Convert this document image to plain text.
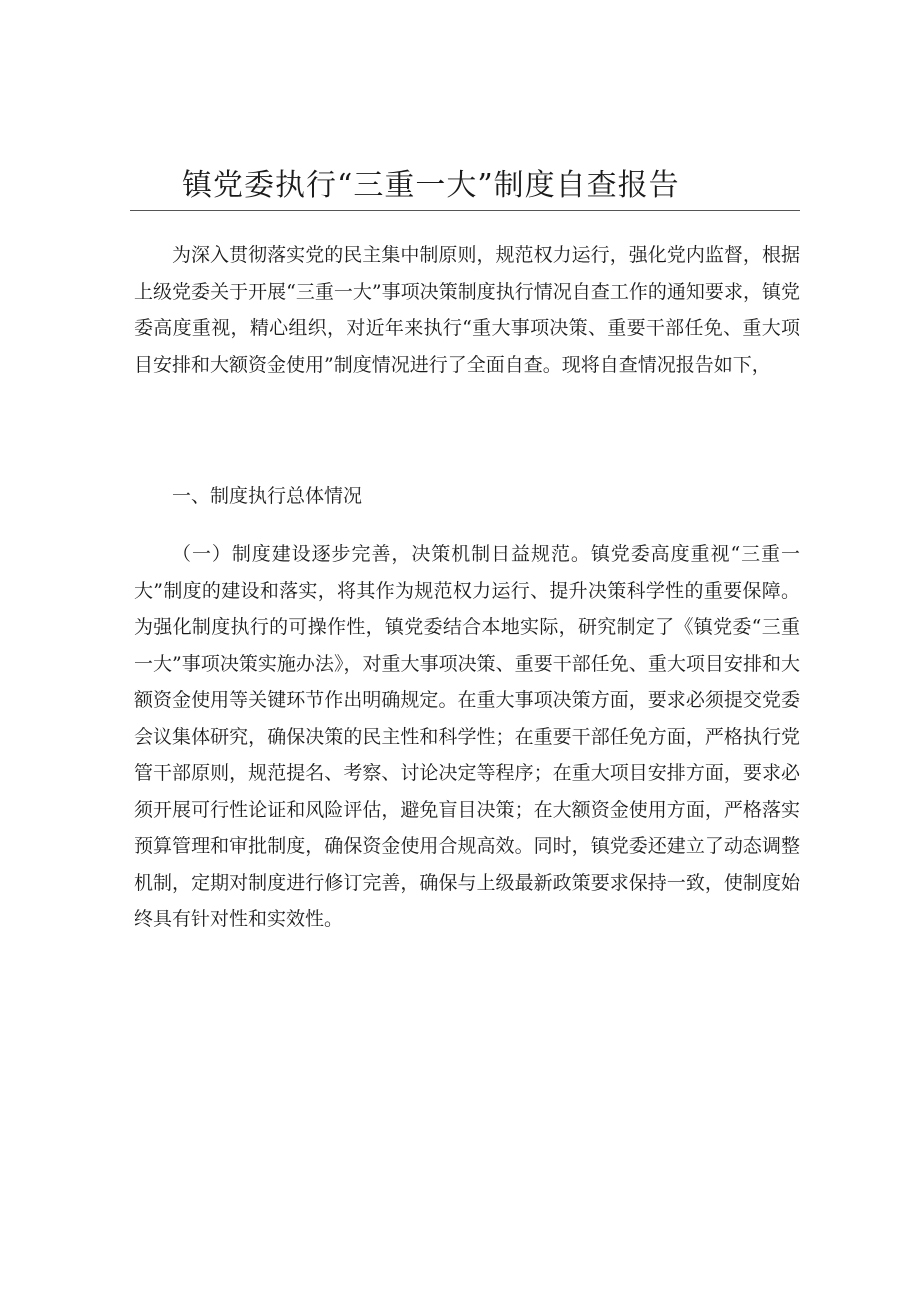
镇党委执行“三重一大”制度自查报告

为深入贯彻落实党的民主集中制原则，规范权力运行，强化党内监督，根据上级党委关于开展“三重一大”事项决策制度执行情况自查工作的通知要求，镇党委高度重视，精心组织，对近年来执行“重大事项决策、重要干部任免、重大项目安排和大额资金使用”制度情况进行了全面自查。现将自查情况报告如下，

一、制度执行总体情况

（一）制度建设逐步完善，决策机制日益规范。镇党委高度重视“三重一大”制度的建设和落实，将其作为规范权力运行、提升决策科学性的重要保障。为强化制度执行的可操作性，镇党委结合本地实际，研究制定了《镇党委“三重一大”事项决策实施办法》，对重大事项决策、重要干部任免、重大项目安排和大额资金使用等关键环节作出明确规定。在重大事项决策方面，要求必须提交党委会议集体研究，确保决策的民主性和科学性；在重要干部任免方面，严格执行党管干部原则，规范提名、考察、讨论决定等程序；在重大项目安排方面，要求必须开展可行性论证和风险评估，避免盲目决策；在大额资金使用方面，严格落实预算管理和审批制度，确保资金使用合规高效。同时，镇党委还建立了动态调整机制，定期对制度进行修订完善，确保与上级最新政策要求保持一致，使制度始终具有针对性和实效性。
